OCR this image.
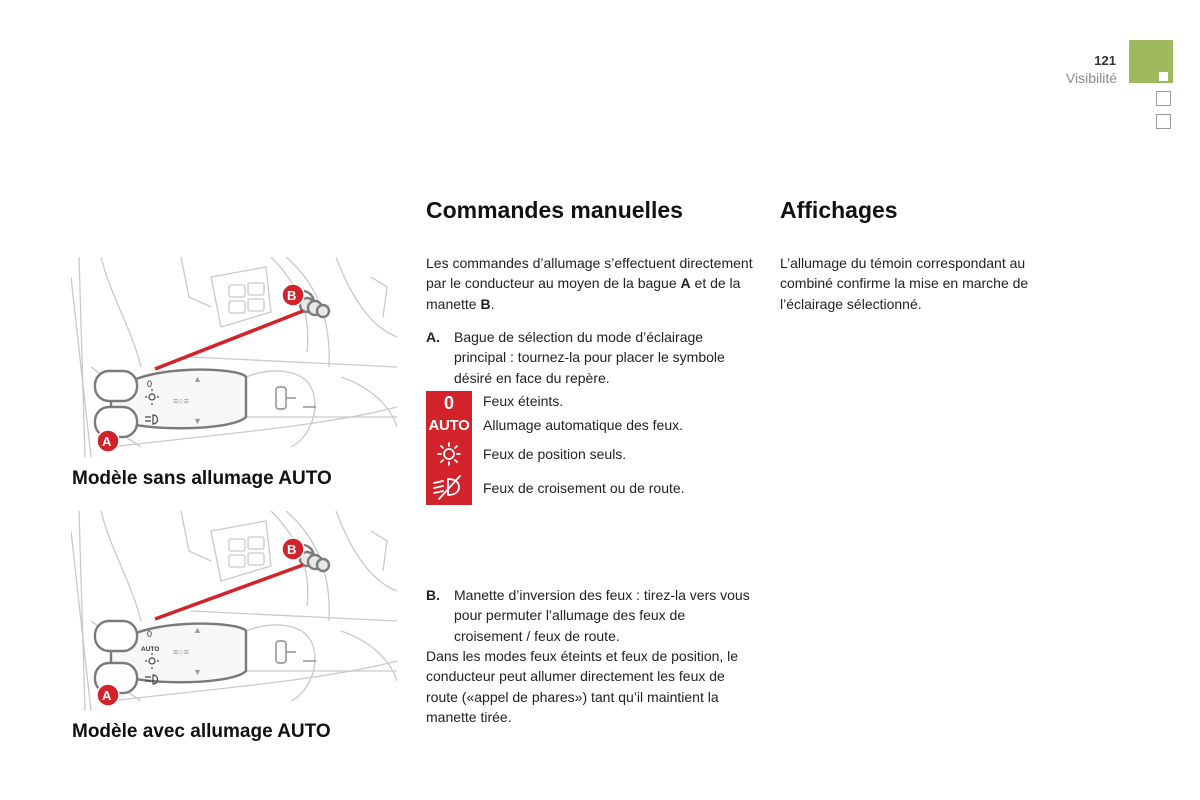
121
Visibilité
0	▲
▼
≡○≡
B
A
Modèle sans allumage AUTO
0
AUTO
▲
▼
≡○≡
B
A
Modèle avec allumage AUTO
Commandes manuelles
Les commandes d’allumage s’effectuent directement par le conducteur au moyen de la bague A et de la manette B.
A. Bague de sélection du mode d’éclairage principal : tournez-la pour placer le symbole désiré en face du repère.
0
AUTO
Feux éteints.
Allumage automatique des feux.
Feux de position seuls.
Feux de croisement ou de route.
B. Manette d’inversion des feux : tirez-la vers vous pour permuter l’allumage des feux de croisement / feux de route.
Dans les modes feux éteints et feux de position, le conducteur peut allumer directement les feux de route («appel de phares») tant qu’il maintient la manette tirée.
Affichages
L’allumage du témoin correspondant au combiné confirme la mise en marche de l’éclairage sélectionné.
